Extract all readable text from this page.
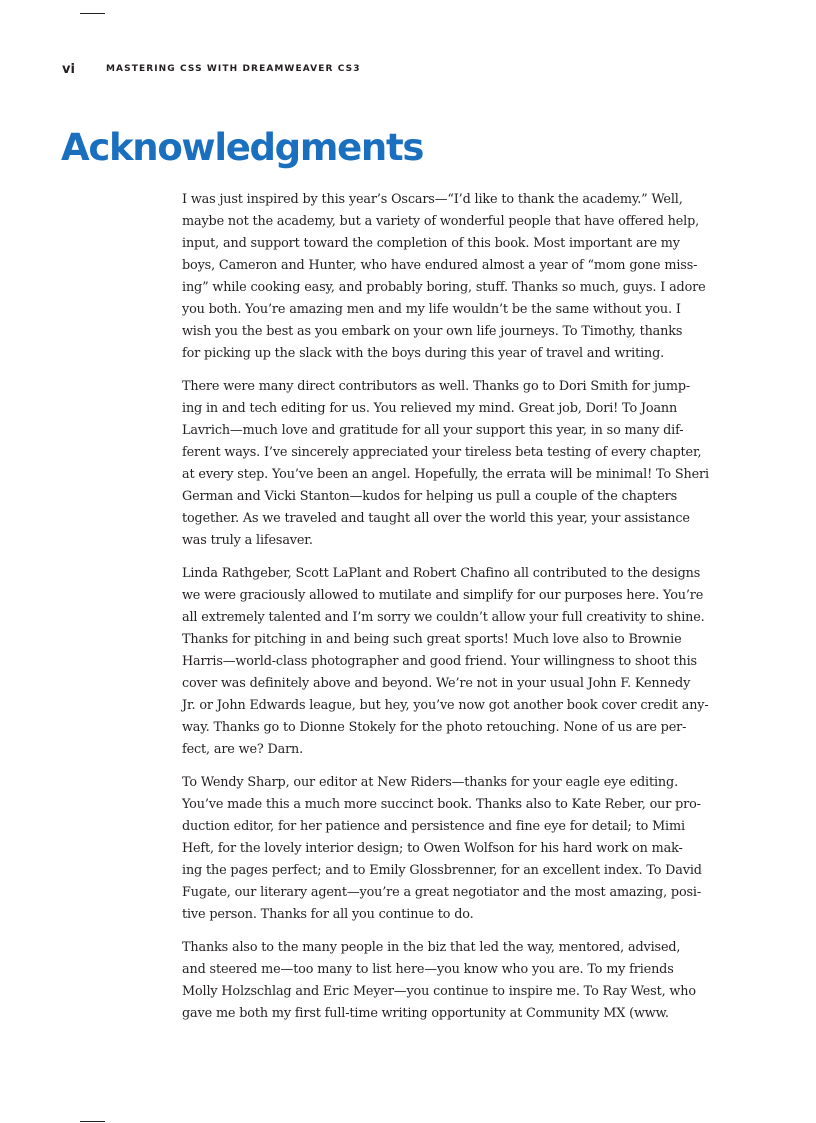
vi	MASTERING CSS WITH DREAMWEAVER CS3
Acknowledgments

I was just inspired by this year’s Oscars—“I’d like to thank the academy.” Well,
maybe not the academy, but a variety of wonderful people that have offered help,
input, and support toward the completion of this book. Most important are my
boys, Cameron and Hunter, who have endured almost a year of “mom gone miss-
ing” while cooking easy, and probably boring, stuff. Thanks so much, guys. I adore
you both. You’re amazing men and my life wouldn’t be the same without you. I
wish you the best as you embark on your own life journeys. To Timothy, thanks
for picking up the slack with the boys during this year of travel and writing.

There were many direct contributors as well. Thanks go to Dori Smith for jump-
ing in and tech editing for us. You relieved my mind. Great job, Dori! To Joann
Lavrich—much love and gratitude for all your support this year, in so many dif-
ferent ways. I’ve sincerely appreciated your tireless beta testing of every chapter,
at every step. You’ve been an angel. Hopefully, the errata will be minimal! To Sheri
German and Vicki Stanton—kudos for helping us pull a couple of the chapters
together. As we traveled and taught all over the world this year, your assistance
was truly a lifesaver.

Linda Rathgeber, Scott LaPlant and Robert Chafino all contributed to the designs
we were graciously allowed to mutilate and simplify for our purposes here. You’re
all extremely talented and I’m sorry we couldn’t allow your full creativity to shine.
Thanks for pitching in and being such great sports! Much love also to Brownie
Harris—world-class photographer and good friend. Your willingness to shoot this
cover was definitely above and beyond. We’re not in your usual John F. Kennedy
Jr. or John Edwards league, but hey, you’ve now got another book cover credit any-
way. Thanks go to Dionne Stokely for the photo retouching. None of us are per-
fect, are we? Darn.

To Wendy Sharp, our editor at New Riders—thanks for your eagle eye editing.
You’ve made this a much more succinct book. Thanks also to Kate Reber, our pro-
duction editor, for her patience and persistence and fine eye for detail; to Mimi
Heft, for the lovely interior design; to Owen Wolfson for his hard work on mak-
ing the pages perfect; and to Emily Glossbrenner, for an excellent index. To David
Fugate, our literary agent—you’re a great negotiator and the most amazing, posi-
tive person. Thanks for all you continue to do.

Thanks also to the many people in the biz that led the way, mentored, advised,
and steered me—too many to list here—you know who you are. To my friends
Molly Holzschlag and Eric Meyer—you continue to inspire me. To Ray West, who
gave me both my first full-time writing opportunity at Community MX (www.
